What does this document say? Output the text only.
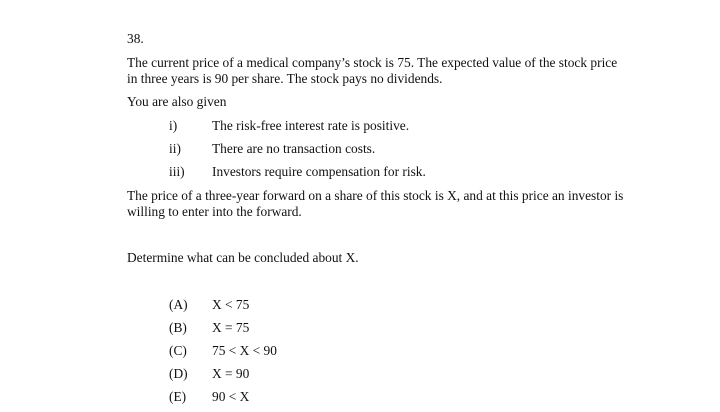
38.
The current price of a medical company’s stock is 75. The expected value of the stock price in three years is 90 per share. The stock pays no dividends.
You are also given
i)	The risk-free interest rate is positive.
ii) There are no transaction costs.
iii) Investors require compensation for risk.
The price of a three-year forward on a share of this stock is X, and at this price an investor is willing to enter into the forward.
Determine what can be concluded about X.
(A) X < 75
(B) X = 75
(C) 75 < X < 90
(D) X = 90
(E) 90 < X
